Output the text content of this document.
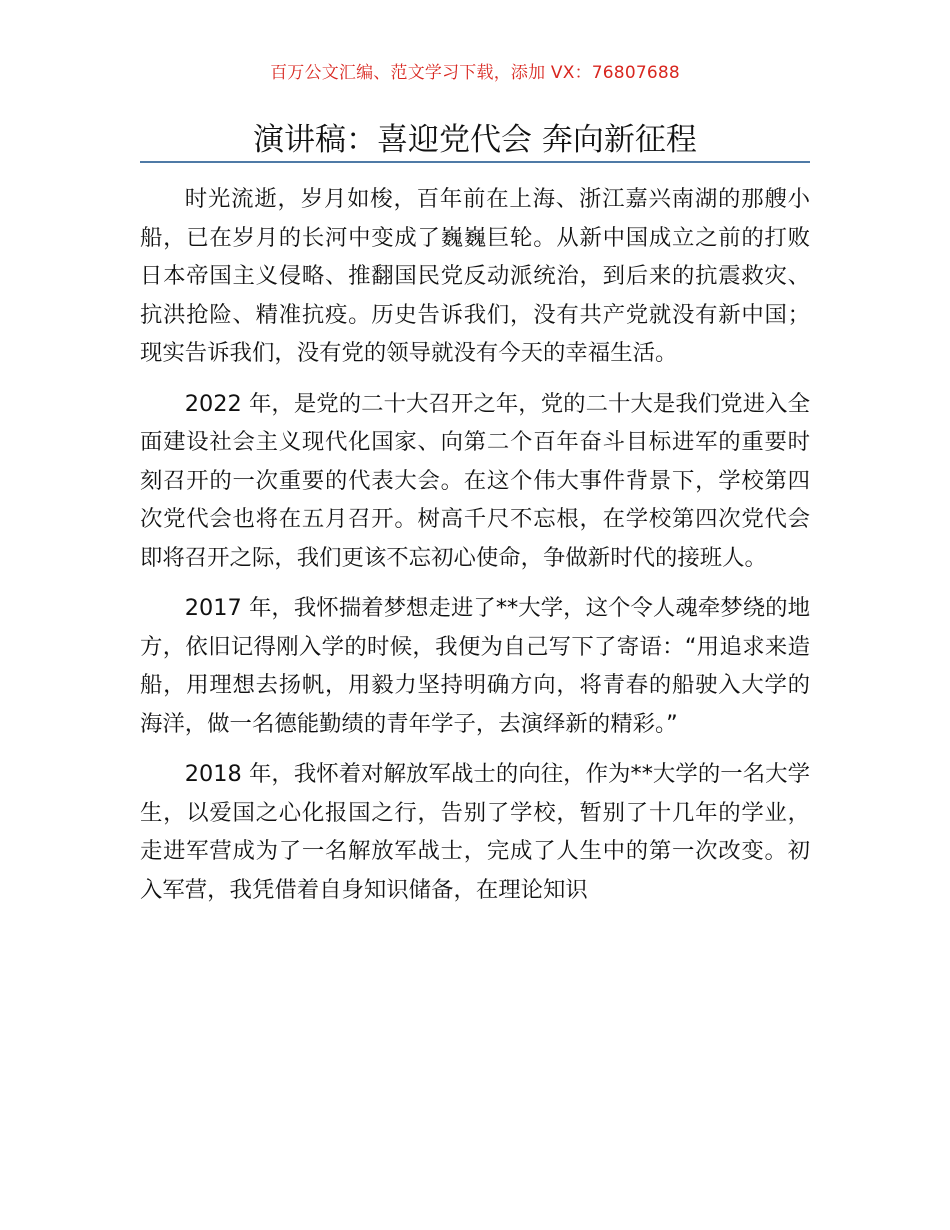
百万公文汇编、范文学习下载，添加 VX：76807688
演讲稿：喜迎党代会 奔向新征程

时光流逝，岁月如梭，百年前在上海、浙江嘉兴南湖的那艘小船，已在岁月的长河中变成了巍巍巨轮。从新中国成立之前的打败日本帝国主义侵略、推翻国民党反动派统治，到后来的抗震救灾、抗洪抢险、精准抗疫。历史告诉我们，没有共产党就没有新中国；现实告诉我们，没有党的领导就没有今天的幸福生活。

2022 年，是党的二十大召开之年，党的二十大是我们党进入全面建设社会主义现代化国家、向第二个百年奋斗目标进军的重要时刻召开的一次重要的代表大会。在这个伟大事件背景下，学校第四次党代会也将在五月召开。树高千尺不忘根，在学校第四次党代会即将召开之际，我们更该不忘初心使命，争做新时代的接班人。

2017 年，我怀揣着梦想走进了**大学，这个令人魂牵梦绕的地方，依旧记得刚入学的时候，我便为自己写下了寄语：“用追求来造船，用理想去扬帆，用毅力坚持明确方向，将青春的船驶入大学的海洋，做一名德能勤绩的青年学子，去演绎新的精彩。”

2018 年，我怀着对解放军战士的向往，作为**大学的一名大学生，以爱国之心化报国之行，告别了学校，暂别了十几年的学业，走进军营成为了一名解放军战士，完成了人生中的第一次改变。初入军营，我凭借着自身知识储备，在理论知识
